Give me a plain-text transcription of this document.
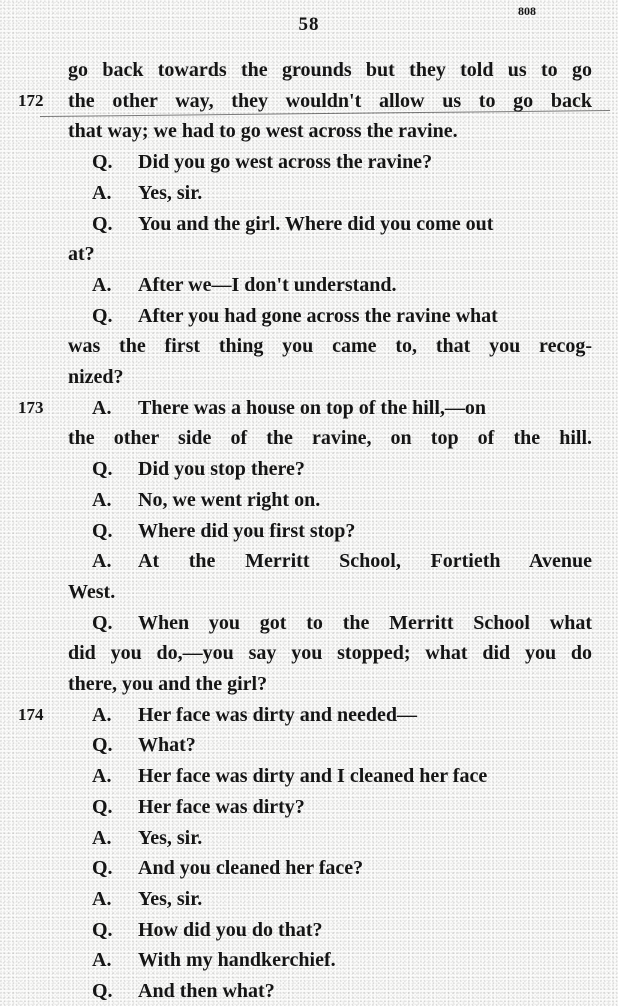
58
808
go back towards the grounds but they told us to go
172 the other way, they wouldn't allow us to go back
that way; we had to go west across the ravine.
Q. Did you go west across the ravine?
A. Yes, sir.
Q. You and the girl. Where did you come out
at?
A. After we—I don't understand.
Q. After you had gone across the ravine what
was the first thing you came to, that you recog-
nized?
173 A. There was a house on top of the hill,—on
the other side of the ravine, on top of the hill.
Q. Did you stop there?
A. No, we went right on.
Q. Where did you first stop?
A. At the Merritt School, Fortieth Avenue
West.
Q. When you got to the Merritt School what
did you do,—you say you stopped; what did you do
there, you and the girl?
174 A. Her face was dirty and needed—
Q. What?
A. Her face was dirty and I cleaned her face
Q. Her face was dirty?
A. Yes, sir.
Q. And you cleaned her face?
A. Yes, sir.
Q. How did you do that?
A. With my handkerchief.
Q. And then what?
